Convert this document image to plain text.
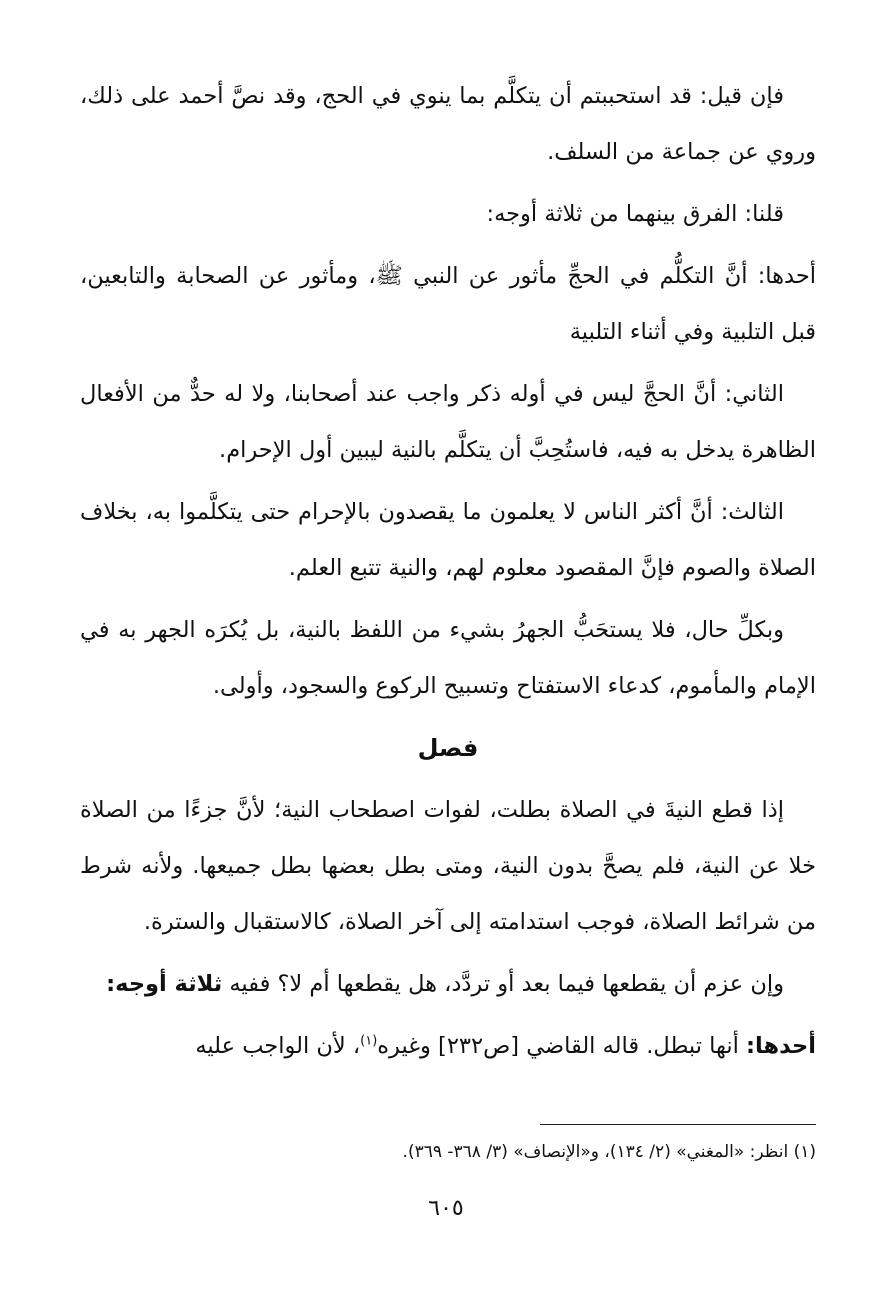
فإن قيل: قد استحببتم أن يتكلَّم بما ينوي في الحج، وقد نصَّ أحمد على ذلك، وروي عن جماعة من السلف.

قلنا: الفرق بينهما من ثلاثة أوجه:

أحدها: أنَّ التكلُّم في الحجِّ مأثور عن النبي ﷺ، ومأثور عن الصحابة والتابعين، قبل التلبية وفي أثناء التلبية

الثاني: أنَّ الحجَّ ليس في أوله ذكر واجب عند أصحابنا، ولا له حدٌّ من الأفعال الظاهرة يدخل به فيه، فاستُحِبَّ أن يتكلَّم بالنية ليبين أول الإحرام.

الثالث: أنَّ أكثر الناس لا يعلمون ما يقصدون بالإحرام حتى يتكلَّموا به، بخلاف الصلاة والصوم فإنَّ المقصود معلوم لهم، والنية تتبع العلم.

وبكلِّ حال، فلا يستحَبُّ الجهرُ بشيء من اللفظ بالنية، بل يُكرَه الجهر به في الإمام والمأموم، كدعاء الاستفتاح وتسبيح الركوع والسجود، وأولى.

فصل

إذا قطع النيةَ في الصلاة بطلت، لفوات اصطحاب النية؛ لأنَّ جزءًا من الصلاة خلا عن النية، فلم يصحَّ بدون النية، ومتى بطل بعضها بطل جميعها. ولأنه شرط من شرائط الصلاة، فوجب استدامته إلى آخر الصلاة، كالاستقبال والسترة.

وإن عزم أن يقطعها فيما بعد أو تردَّد، هل يقطعها أم لا؟ ففيه ثلاثة أوجه:

أحدها: أنها تبطل. قاله القاضي [ص٢٣٢] وغيره$^{(١)}$، لأن الواجب عليه

(١) انظر: «المغني» (٢/ ١٣٤)، و«الإنصاف» (٣/ ٣٦٨- ٣٦٩).

٦٠٥
